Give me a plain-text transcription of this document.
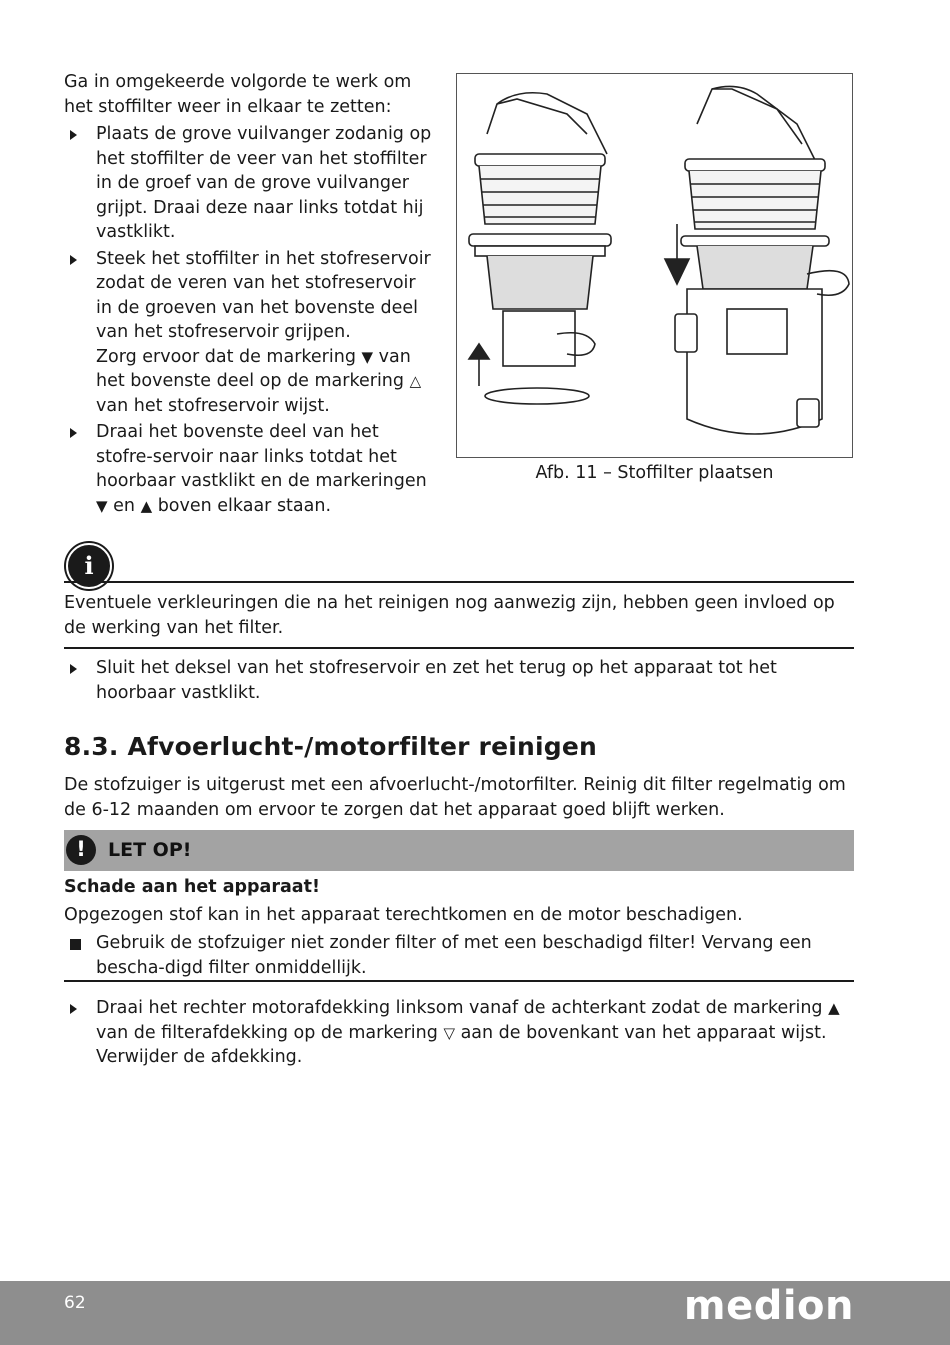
Ga in omgekeerde volgorde te werk om het stoffilter weer in elkaar te zetten:
Plaats de grove vuilvanger zodanig op het stoffilter de veer van het stoffilter in de groef van de grove vuilvanger grijpt. Draai deze naar links totdat hij vastklikt.
Steek het stoffilter in het stofreservoir zodat de veren van het stofreservoir in de groeven van het bovenste deel van het stofreservoir grijpen.
Zorg ervoor dat de markering ▼ van het bovenste deel op de markering △ van het stofreservoir wijst.
Draai het bovenste deel van het stofre-servoir naar links totdat het hoorbaar vastklikt en de markeringen ▼ en ▲ boven elkaar staan.
Afb. 11 – Stoffilter plaatsen
i
Eventuele verkleuringen die na het reinigen nog aanwezig zijn, hebben geen invloed op de werking van het filter.
Sluit het deksel van het stofreservoir en zet het terug op het apparaat tot het hoorbaar vastklikt.
8.3. Afvoerlucht-/motorfilter reinigen
De stofzuiger is uitgerust met een afvoerlucht-/motorfilter. Reinig dit filter regelmatig om de 6-12 maanden om ervoor te zorgen dat het apparaat goed blijft werken.
!	LET OP!
Schade aan het apparaat!
Opgezogen stof kan in het apparaat terechtkomen en de motor beschadigen.
Gebruik de stofzuiger niet zonder filter of met een beschadigd filter! Vervang een bescha-digd filter onmiddellijk.
Draai het rechter motorafdekking linksom vanaf de achterkant zodat de markering ▲ van de filterafdekking op de markering ▽ aan de bovenkant van het apparaat wijst. Verwijder de afdekking.
62	medion
